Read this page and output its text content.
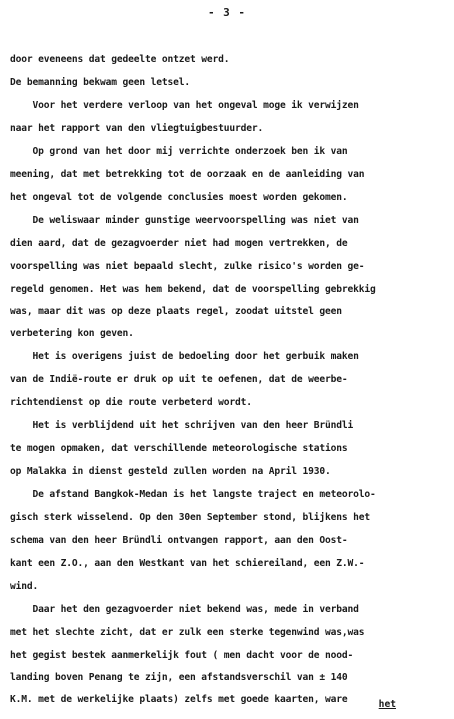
- 3 -
door eveneens dat gedeelte ontzet werd.
De bemanning bekwam geen letsel.
Voor het verdere verloop van het ongeval moge ik verwijzen
naar het rapport van den vliegtuigbestuurder.
Op grond van het door mij verrichte onderzoek ben ik van
meening, dat met betrekking tot de oorzaak en de aanleiding van
het ongeval tot de volgende conclusies moest worden gekomen.
De weliswaar minder gunstige weervoorspelling was niet van
dien aard, dat de gezagvoerder niet had mogen vertrekken, de
voorspelling was niet bepaald slecht, zulke risico's worden ge-
regeld genomen. Het was hem bekend, dat de voorspelling gebrekkig
was, maar dit was op deze plaats regel, zoodat uitstel geen
verbetering kon geven.
Het is overigens juist de bedoeling door het gerbuik maken
van de Indië-route er druk op uit te oefenen, dat de weerbe-
richtendienst op die route verbeterd wordt.
Het is verblijdend uit het schrijven van den heer Bründli
te mogen opmaken, dat verschillende meteorologische stations
op Malakka in dienst gesteld zullen worden na April 1930.
De afstand Bangkok-Medan is het langste traject en meteorolo-
gisch sterk wisselend. Op den 30en September stond, blijkens het
schema van den heer Bründli ontvangen rapport, aan den Oost-
kant een Z.O., aan den Westkant van het schiereiland, een Z.W.-
wind.
Daar het den gezagvoerder niet bekend was, mede in verband
met het slechte zicht, dat er zulk een sterke tegenwind was,was
het gegist bestek aanmerkelijk fout ( men dacht voor de nood-
landing boven Penang te zijn, een afstandsverschil van ± 140
K.M. met de werkelijke plaats) zelfs met goede kaarten, ware	het
